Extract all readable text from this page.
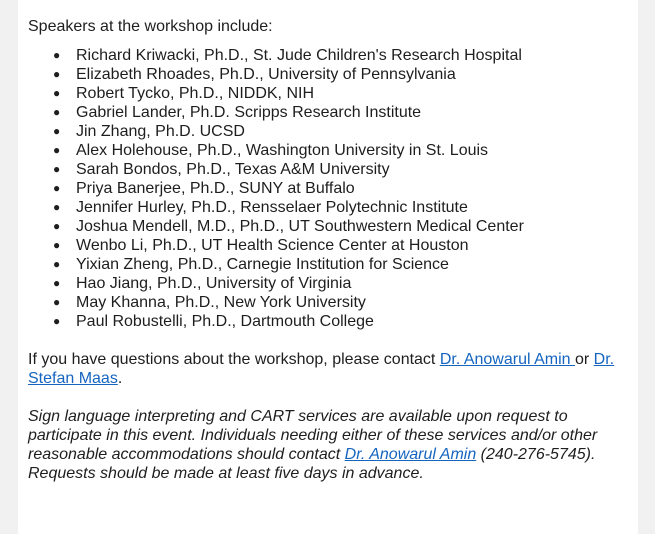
Speakers at the workshop include:

● Richard Kriwacki, Ph.D., St. Jude Children's Research Hospital
● Elizabeth Rhoades, Ph.D., University of Pennsylvania
● Robert Tycko, Ph.D., NIDDK, NIH
● Gabriel Lander, Ph.D. Scripps Research Institute
● Jin Zhang, Ph.D. UCSD
● Alex Holehouse, Ph.D., Washington University in St. Louis
● Sarah Bondos, Ph.D., Texas A&M University
● Priya Banerjee, Ph.D., SUNY at Buffalo
● Jennifer Hurley, Ph.D., Rensselaer Polytechnic Institute
● Joshua Mendell, M.D., Ph.D., UT Southwestern Medical Center
● Wenbo Li, Ph.D., UT Health Science Center at Houston
● Yixian Zheng, Ph.D., Carnegie Institution for Science
● Hao Jiang, Ph.D., University of Virginia
● May Khanna, Ph.D., New York University
● Paul Robustelli, Ph.D., Dartmouth College

If you have questions about the workshop, please contact Dr. Anowarul Amin or Dr. Stefan Maas.

Sign language interpreting and CART services are available upon request to participate in this event. Individuals needing either of these services and/or other reasonable accommodations should contact Dr. Anowarul Amin (240-276-5745). Requests should be made at least five days in advance.
